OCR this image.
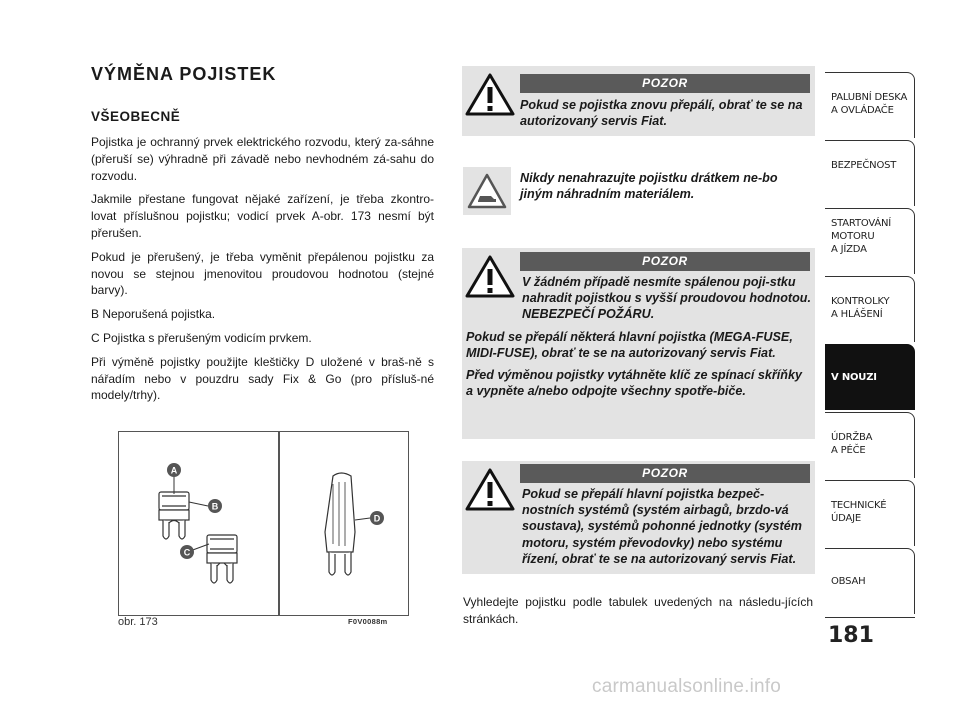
VÝMĚNA POJISTEK
VŠEOBECNĚ

Pojistka je ochranný prvek elektrického rozvodu, který za-sáhne (přeruší se) výhradně při závadě nebo nevhodném zá-sahu do rozvodu.

Jakmile přestane fungovat nějaké zařízení, je třeba zkontro-lovat příslušnou pojistku; vodicí prvek A-obr. 173 nesmí být přerušen.

Pokud je přerušený, je třeba vyměnit přepálenou pojistku za novou se stejnou jmenovitou proudovou hodnotou (stejné barvy).

B Neporušená pojistka.

C Pojistka s přerušeným vodicím prvkem.

Při výměně pojistky použijte kleštičky D uložené v braš-ně s nářadím nebo v pouzdru sady Fix & Go (pro přísluš-né modely/trhy).

A
B
C
D
obr. 173	F0V0088m
POZOR
Pokud se pojistka znovu přepálí, obrať te se na autorizovaný servis Fiat.
Nikdy nenahrazujte pojistku drátkem ne-bo jiným náhradním materiálem.
POZOR

V žádném případě nesmíte spálenou poji-stku nahradit pojistkou s vyšší proudovou hodnotou. NEBEZPEČÍ POŽÁRU.

Pokud se přepálí některá hlavní pojistka (MEGA-FUSE, MIDI-FUSE), obrať te se na autorizovaný servis Fiat.

Před výměnou pojistky vytáhněte klíč ze spínací skříňky a vypněte a/nebo odpojte všechny spotře-biče.

POZOR

Pokud se přepálí hlavní pojistka bezpeč-nostních systémů (systém airbagů, brzdo-vá soustava), systémů pohonné jednotky (systém motoru, systém převodovky) nebo systému řízení, obrať te se na autorizovaný servis Fiat.

Vyhledejte pojistku podle tabulek uvedených na následu-jících stránkách.
PALUBNÍ DESKA
A OVLÁDAČE
BEZPEČNOST
STARTOVÁNÍ
MOTORU
A JÍZDA
KONTROLKY
A HLÁŠENÍ
V NOUZI
ÚDRŽBA
A PÉČE
TECHNICKÉ
ÚDAJE
OBSAH
181
carmanualsonline.info
